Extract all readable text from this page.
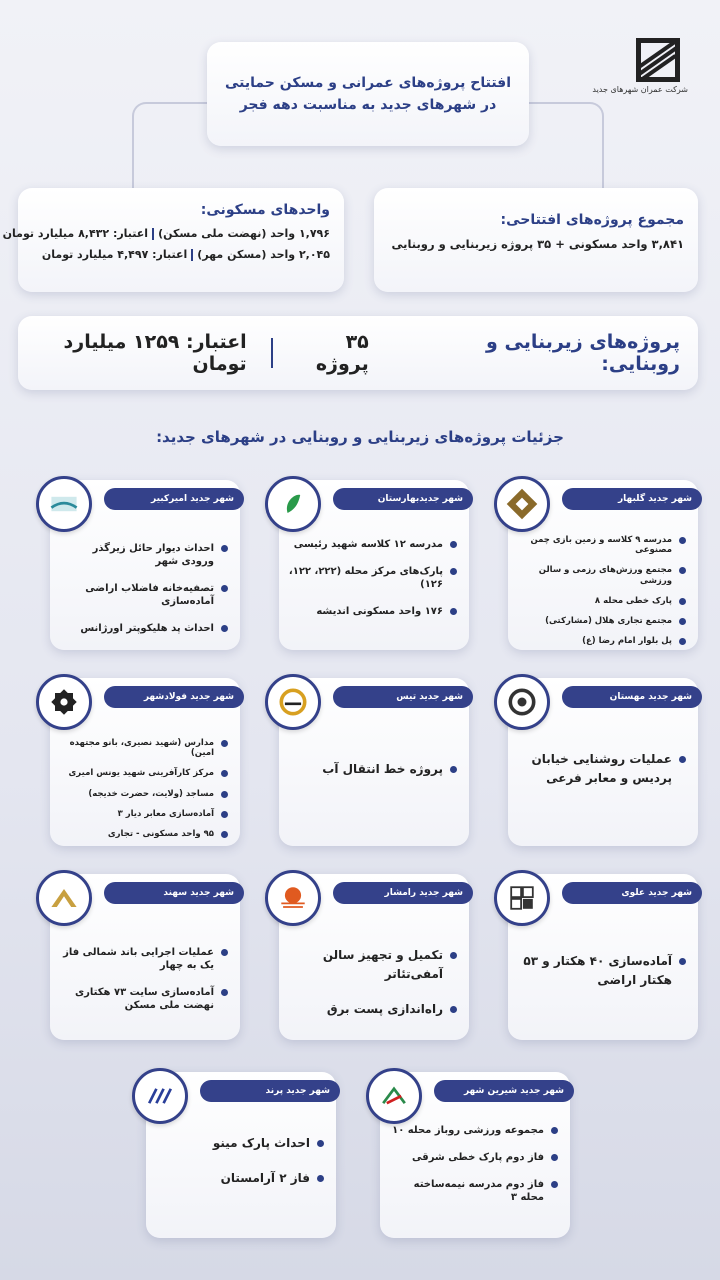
شرکت عمران شهرهای جدید
افتتاح پروژه‌های عمرانی و مسکن حمایتی
در شهرهای جدید به مناسبت دهه فجر
مجموع پروژه‌های افتتاحی:
۳,۸۴۱ واحد مسکونی + ۳۵ پروژه زیربنایی و روبنایی
واحدهای مسکونی:
۱,۷۹۶ واحد (نهضت ملی مسکن)اعتبار: ۸,۴۳۲ میلیارد تومان
۲,۰۴۵ واحد (مسکن مهر)اعتبار: ۴,۴۹۷ میلیارد تومان
پروژه‌های زیربنایی و روبنایی:
۳۵ پروژه
اعتبار: ۱۲۵۹ میلیارد تومان
جزئیات پروژه‌های زیربنایی و روبنایی در شهرهای جدید:
شهر جدید گلبهار
مدرسه ۹ کلاسه و زمین بازی چمن مصنوعی
مجتمع ورزش‌های رزمی و سالن ورزشی
پارک خطی محله ۸
مجتمع تجاری هلال (مشارکتی)
پل بلوار امام رضا (ع)
شهر جدیدبهارستان
مدرسه ۱۲ کلاسه شهید رئیسی
پارک‌های مرکز محله (۲۲۲، ۱۲۲، ۱۲۶)
۱۷۶ واحد مسکونی اندیشه
شهر جدید امیرکبیر
احداث دیوار حائل زیرگذر ورودی شهر
تصفیه‌خانه فاضلاب اراضی آماده‌سازی
احداث پد هلیکوپتر اورژانس
شهر جدید مهستان
عملیات روشنایی خیابان پردیس و معابر فرعی
شهر جدید تیس
پروژه خط انتقال آب
شهر جدید فولادشهر
مدارس (شهید نصیری، بانو مجتهده امین)
مرکز کارآفرینی شهید یونس امیری
مساجد (ولایت، حضرت خدیجه)
آماده‌سازی معابر دیار ۳
۹۵ واحد مسکونی - تجاری
شهر جدید علوی
آماده‌سازی ۴۰ هکتار و ۵۳ هکتار اراضی
شهر جدید رامشار
تکمیل و تجهیز سالن آمفی‌تئاتر
راه‌اندازی پست برق
شهر جدید سهند
عملیات اجرایی باند شمالی فاز یک به چهار
آماده‌سازی سایت ۷۳ هکتاری نهضت ملی مسکن
شهر جدید شیرین شهر
مجموعه ورزشی روباز محله ۱۰
فاز دوم پارک خطی شرقی
فاز دوم مدرسه نیمه‌ساخته محله ۳
شهر جدید پرند
احداث پارک مینو
فاز ۲ آرامستان
